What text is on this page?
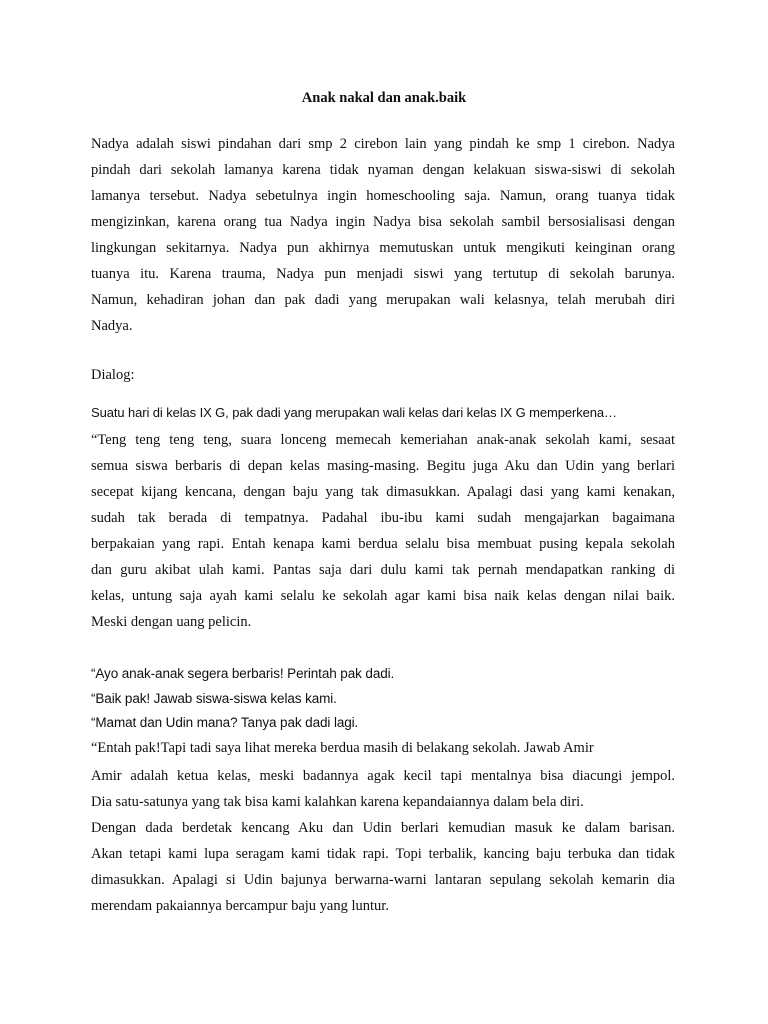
Anak nakal dan anak.baik

Nadya adalah siswi pindahan dari smp 2 cirebon lain yang pindah ke smp 1 cirebon. Nadya

pindah dari sekolah lamanya karena tidak nyaman dengan kelakuan siswa-siswi di sekolah

lamanya tersebut. Nadya sebetulnya ingin homeschooling saja. Namun, orang tuanya tidak

mengizinkan, karena orang tua Nadya ingin Nadya bisa sekolah sambil bersosialisasi dengan

lingkungan sekitarnya. Nadya pun akhirnya memutuskan untuk mengikuti keinginan orang

tuanya itu. Karena trauma, Nadya pun menjadi siswi yang tertutup di sekolah barunya.

Namun, kehadiran johan dan pak dadi yang merupakan wali kelasnya, telah merubah diri

Nadya.

Dialog:
Suatu hari di kelas IX G, pak dadi yang merupakan wali kelas dari kelas IX G memperkena…

“Teng teng teng teng, suara lonceng memecah kemeriahan anak-anak sekolah kami, sesaat

semua siswa berbaris di depan kelas masing-masing. Begitu juga Aku dan Udin yang berlari

secepat kijang kencana, dengan baju yang tak dimasukkan. Apalagi dasi yang kami kenakan,

sudah tak berada di tempatnya. Padahal ibu-ibu kami sudah mengajarkan bagaimana

berpakaian yang rapi. Entah kenapa kami berdua selalu bisa membuat pusing kepala sekolah

dan guru akibat ulah kami. Pantas saja dari dulu kami tak pernah mendapatkan ranking di

kelas, untung saja ayah kami selalu ke sekolah agar kami bisa naik kelas dengan nilai baik.

Meski dengan uang pelicin.

“Ayo anak-anak segera berbaris! Perintah pak dadi.
“Baik pak! Jawab siswa-siswa kelas kami.
“Mamat dan Udin mana? Tanya pak dadi lagi.
“Entah pak!Tapi tadi saya lihat mereka berdua masih di belakang sekolah. Jawab Amir

Amir adalah ketua kelas, meski badannya agak kecil tapi mentalnya bisa diacungi jempol.

Dia satu-satunya yang tak bisa kami kalahkan karena kepandaiannya dalam bela diri.

Dengan dada berdetak kencang Aku dan Udin berlari kemudian masuk ke dalam barisan.

Akan tetapi kami lupa seragam kami tidak rapi. Topi terbalik, kancing baju terbuka dan tidak

dimasukkan. Apalagi si Udin bajunya berwarna-warni lantaran sepulang sekolah kemarin dia

merendam pakaiannya bercampur baju yang luntur.
